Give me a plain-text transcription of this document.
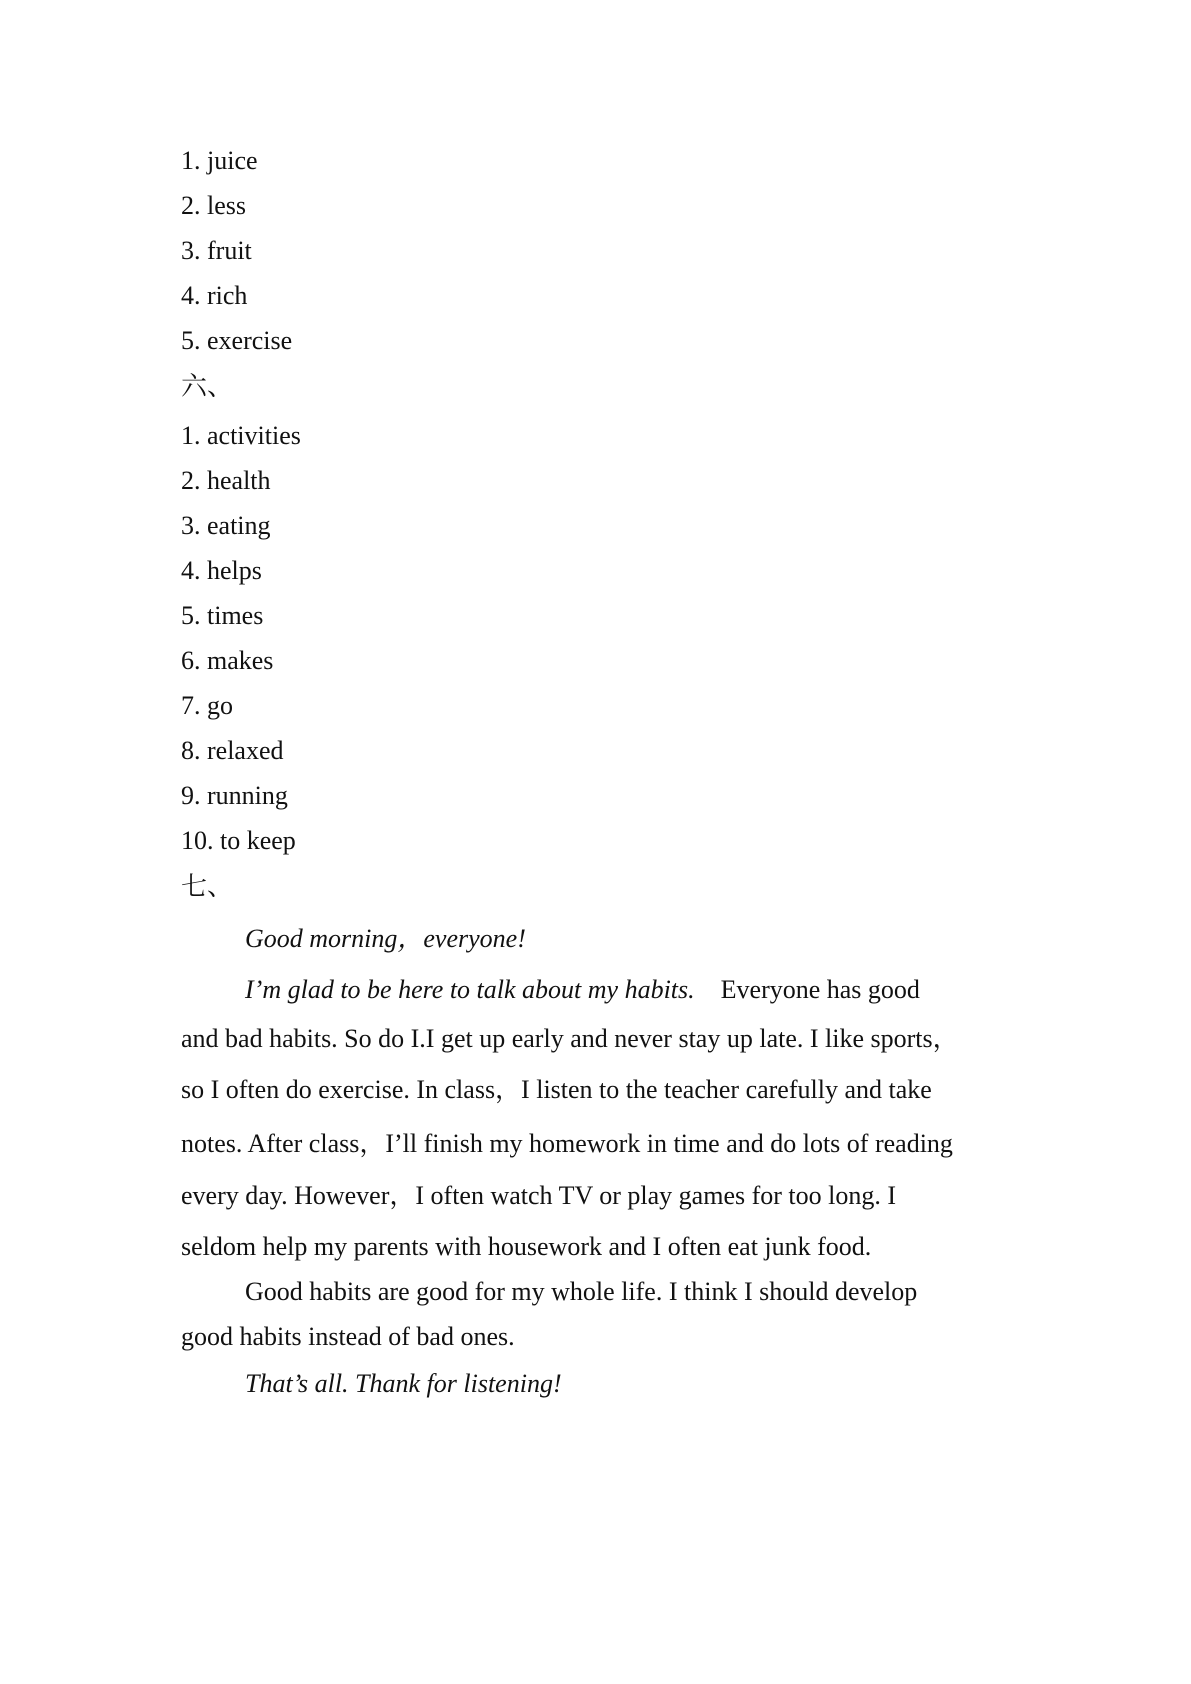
1. juice
2. less
3. fruit
4. rich
5. exercise
六、
1. activities
2. health
3. eating
4. helps
5. times
6. makes
7. go
8. relaxed
9. running
10. to keep
七、
Good morning，everyone!
I’m glad to be here to talk about my habits. Everyone has good
and bad habits. So do I.I get up early and never stay up late. I like sports，
so I often do exercise. In class，I listen to the teacher carefully and take
notes. After class，I’ll finish my homework in time and do lots of reading
every day. However，I often watch TV or play games for too long. I
seldom help my parents with housework and I often eat junk food.
Good habits are good for my whole life. I think I should develop
good habits instead of bad ones.
That’s all. Thank for listening!
